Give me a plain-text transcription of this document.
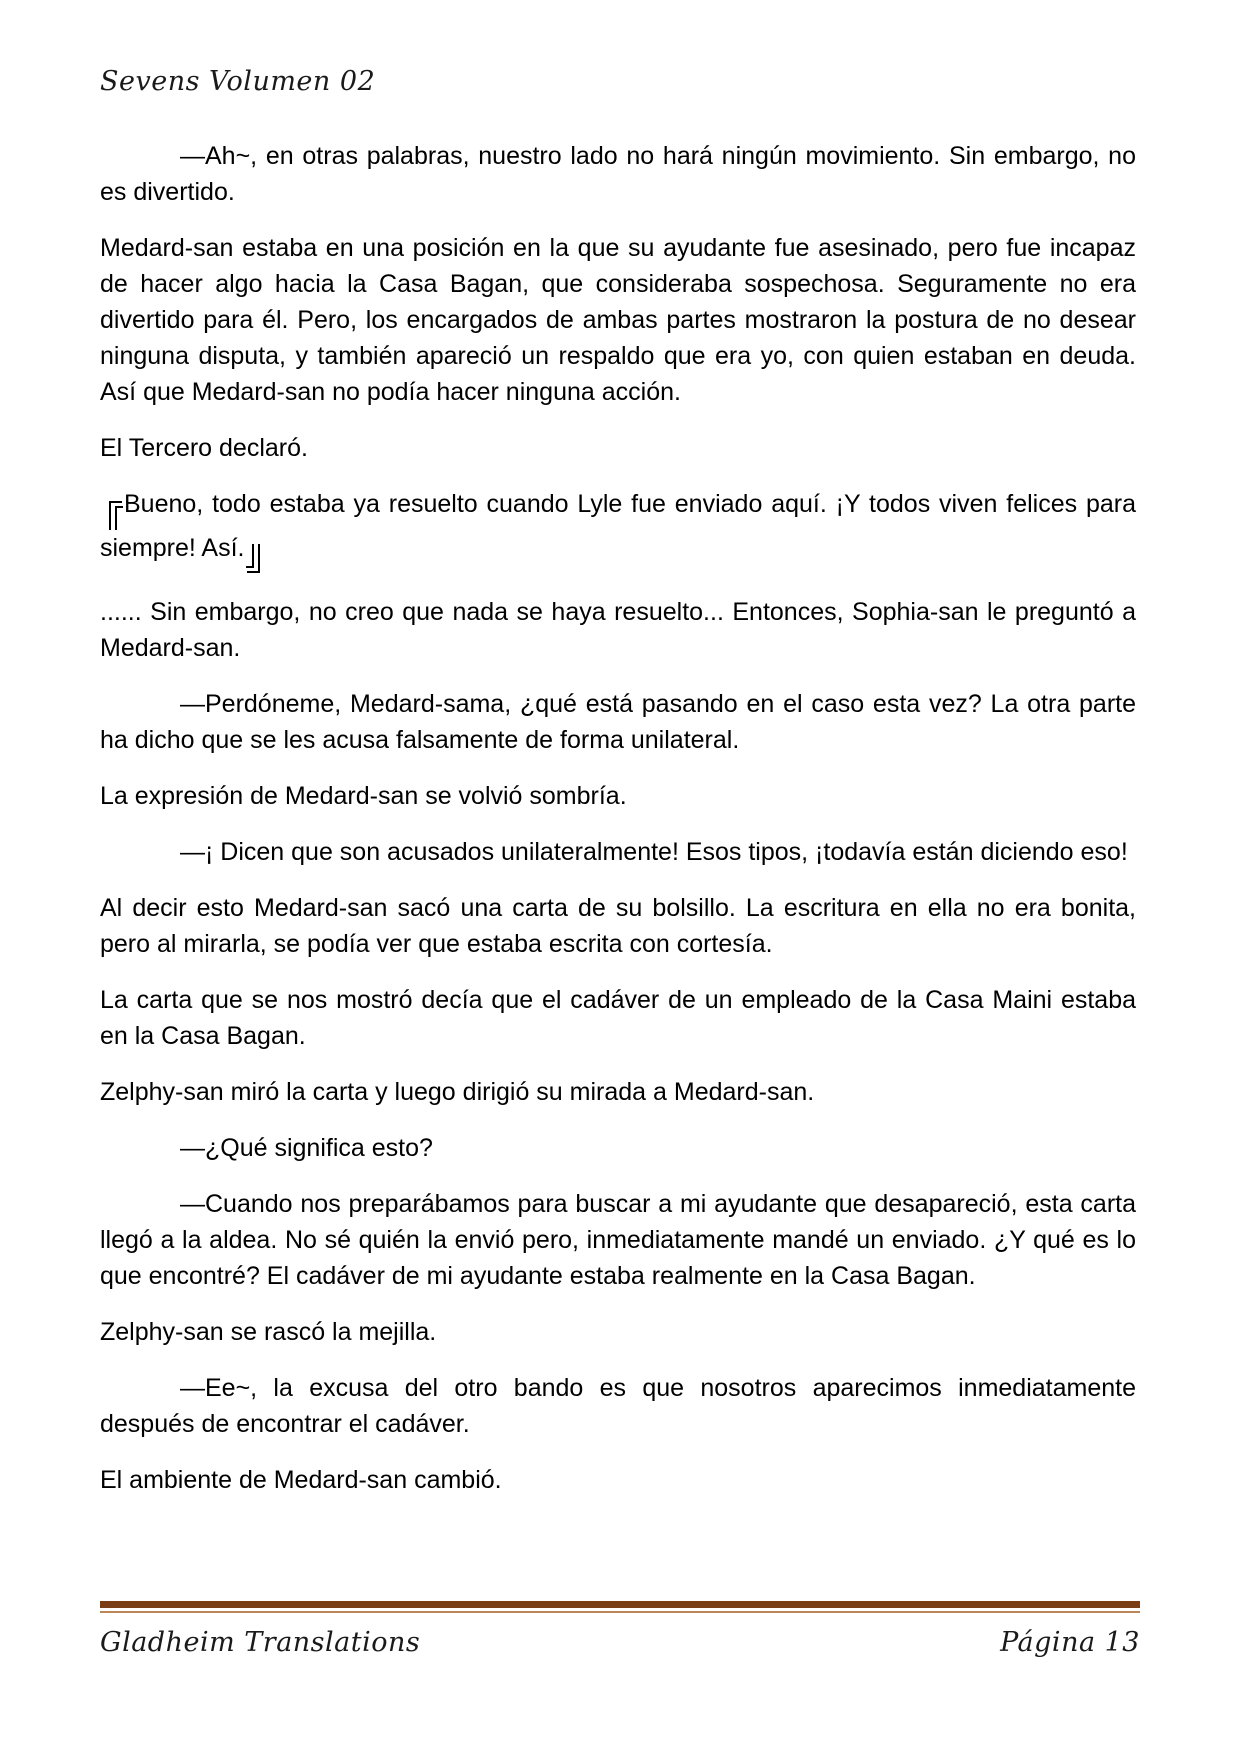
Sevens Volumen 02

—Ah~, en otras palabras, nuestro lado no hará ningún movimiento. Sin embargo, no es divertido.

Medard-san estaba en una posición en la que su ayudante fue asesinado, pero fue incapaz de hacer algo hacia la Casa Bagan, que consideraba sospechosa. Seguramente no era divertido para él. Pero, los encargados de ambas partes mostraron la postura de no desear ninguna disputa, y también apareció un respaldo que era yo, con quien estaban en deuda. Así que Medard-san no podía hacer ninguna acción.

El Tercero declaró.

Bueno, todo estaba ya resuelto cuando Lyle fue enviado aquí. ¡Y todos viven felices para siempre! Así.

...... Sin embargo, no creo que nada se haya resuelto... Entonces, Sophia-san le preguntó a Medard-san.

—Perdóneme, Medard-sama, ¿qué está pasando en el caso esta vez? La otra parte ha dicho que se les acusa falsamente de forma unilateral.

La expresión de Medard-san se volvió sombría.

—¡ Dicen que son acusados unilateralmente! Esos tipos, ¡todavía están diciendo eso!

Al decir esto Medard-san sacó una carta de su bolsillo. La escritura en ella no era bonita, pero al mirarla, se podía ver que estaba escrita con cortesía.

La carta que se nos mostró decía que el cadáver de un empleado de la Casa Maini estaba en la Casa Bagan.

Zelphy-san miró la carta y luego dirigió su mirada a Medard-san.

—¿Qué significa esto?

—Cuando nos preparábamos para buscar a mi ayudante que desapareció, esta carta llegó a la aldea. No sé quién la envió pero, inmediatamente mandé un enviado. ¿Y qué es lo que encontré? El cadáver de mi ayudante estaba realmente en la Casa Bagan.

Zelphy-san se rascó la mejilla.

—Ee~, la excusa del otro bando es que nosotros aparecimos inmediatamente después de encontrar el cadáver.

El ambiente de Medard-san cambió.

Gladheim Translations	Página 13
